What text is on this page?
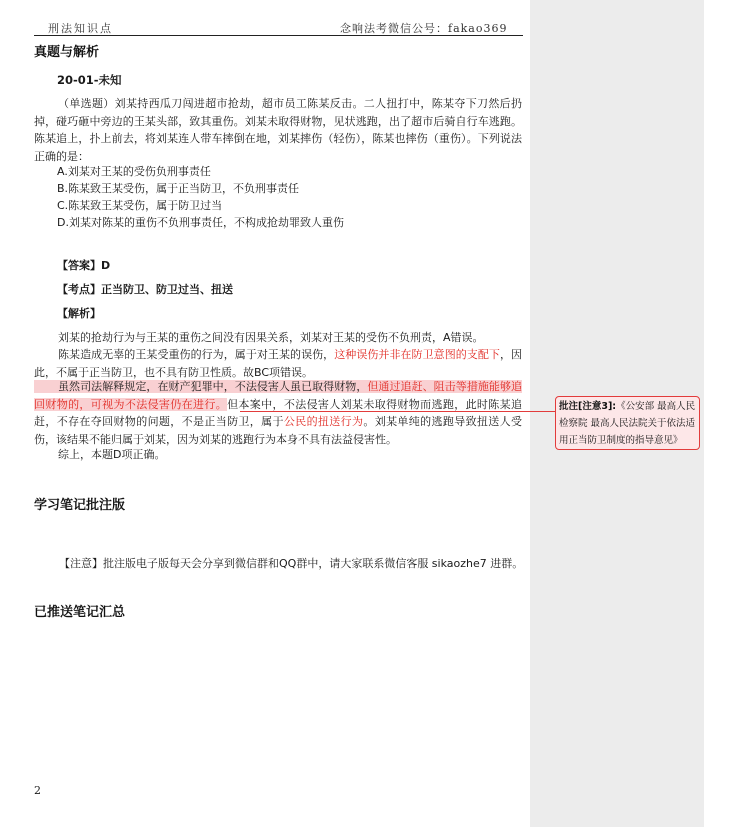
刑法知识点	念响法考微信公号：fakao369
真题与解析
20-01-未知
（单选题）刘某持西瓜刀闯进超市抢劫，超市员工陈某反击。二人扭打中，陈某夺下刀然后扔掉，碰巧砸中旁边的王某头部，致其重伤。刘某未取得财物，见状逃跑，出了超市后骑自行车逃跑。陈某追上，扑上前去，将刘某连人带车摔倒在地，刘某摔伤（轻伤），陈某也摔伤（重伤）。下列说法正确的是：
A.刘某对王某的受伤负刑事责任
B.陈某致王某受伤，属于正当防卫，不负刑事责任
C.陈某致王某受伤，属于防卫过当
D.刘某对陈某的重伤不负刑事责任，不构成抢劫罪致人重伤
【答案】D
【考点】正当防卫、防卫过当、扭送
【解析】
刘某的抢劫行为与王某的重伤之间没有因果关系，刘某对王某的受伤不负刑责，A错误。
陈某造成无辜的王某受重伤的行为，属于对王某的误伤，这种误伤并非在防卫意图的支配下，因此，不属于正当防卫，也不具有防卫性质。故BC项错误。
虽然司法解释规定，在财产犯罪中，不法侵害人虽已取得财物，但通过追赶、阻击等措施能够追回财物的，可视为不法侵害仍在进行。但本案中，不法侵害人刘某未取得财物而逃跑，此时陈某追赶，不存在夺回财物的问题，不是正当防卫，属于公民的扭送行为。刘某单纯的逃跑导致扭送人受伤，该结果不能归属于刘某，因为刘某的逃跑行为本身不具有法益侵害性。
综上，本题D项正确。
学习笔记批注版
【注意】批注版电子版每天会分享到微信群和QQ群中，请大家联系微信客服 sikaozhe7 进群。
已推送笔记汇总
批注[注意3]:《公安部 最高人民检察院 最高人民法院关于依法适用正当防卫制度的指导意见》
2
